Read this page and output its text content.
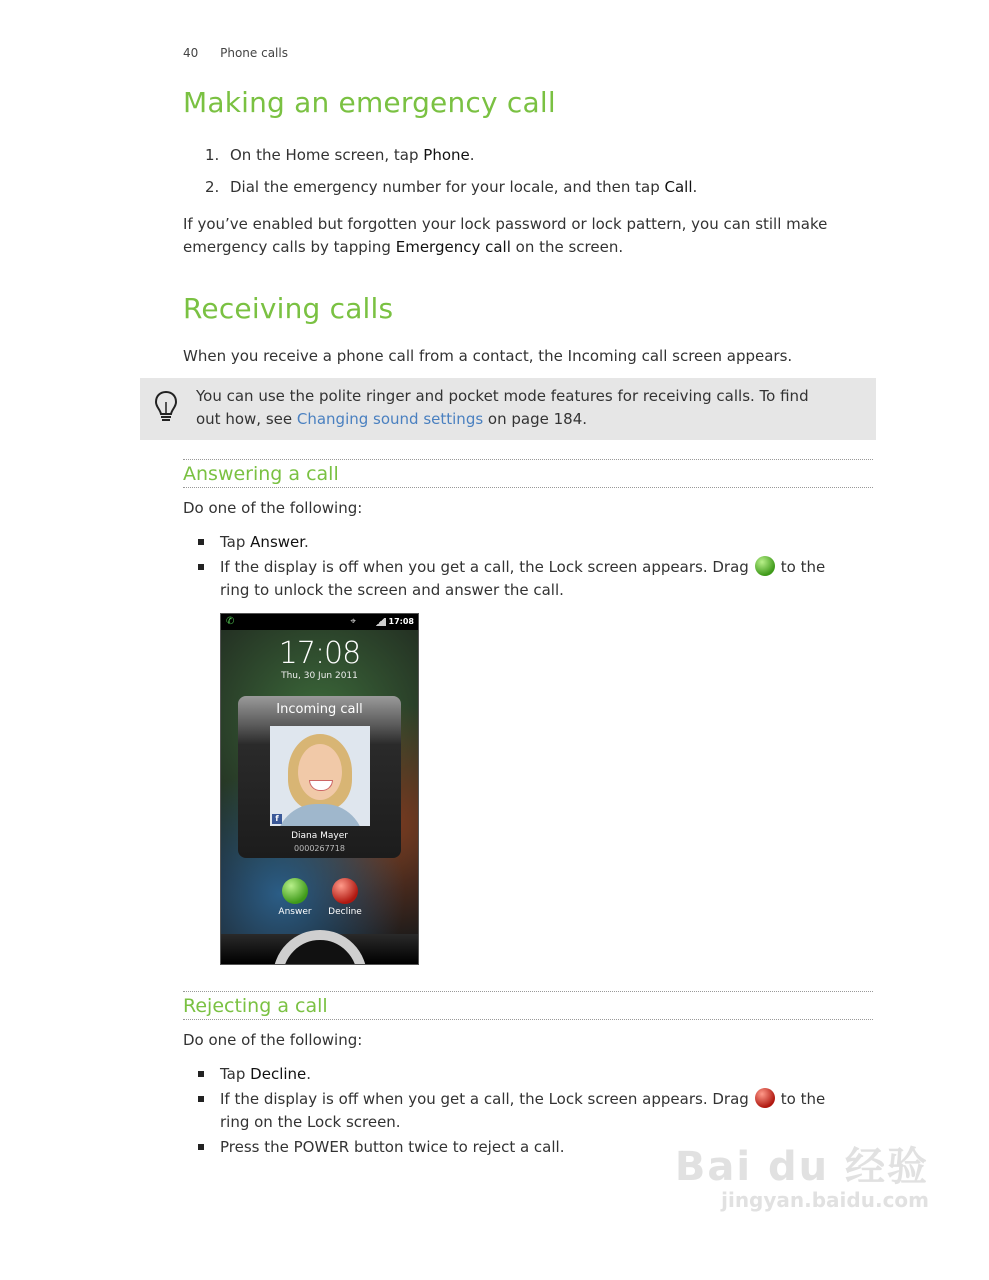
40 Phone calls
Making an emergency call
1. On the Home screen, tap Phone.
2. Dial the emergency number for your locale, and then tap Call.
If you’ve enabled but forgotten your lock password or lock pattern, you can still make
emergency calls by tapping Emergency call on the screen.
Receiving calls
When you receive a phone call from a contact, the Incoming call screen appears.
You can use the polite ringer and pocket mode features for receiving calls. To find
out how, see Changing sound settings on page 184.
Answering a call
Do one of the following:
Tap Answer.
If the display is off when you get a call, the Lock screen appears. Drag to the
ring to unlock the screen and answer the call.
✆	⌖	17:08
17:08
Thu, 30 Jun 2011
Incoming call
f
Diana Mayer
0000267718
Answer	Decline
Rejecting a call
Do one of the following:
Tap Decline.
If the display is off when you get a call, the Lock screen appears. Drag to the
ring on the Lock screen.
Press the POWER button twice to reject a call.	Bai du 经验
jingyan.baidu.com
